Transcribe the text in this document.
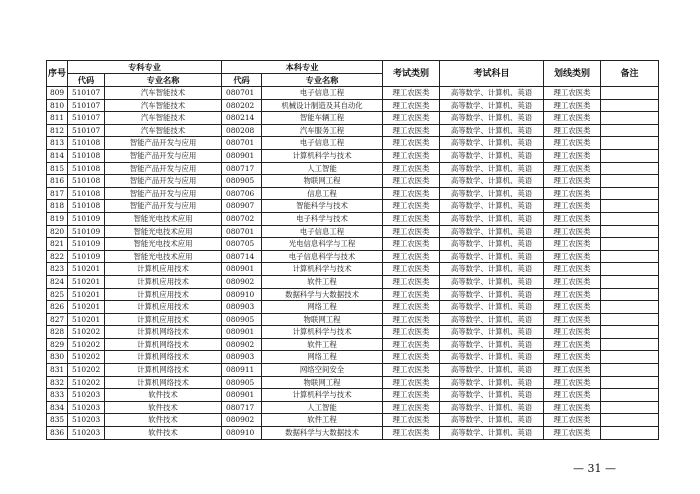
序号	专科专业		本科专业		考试类别	考试科目	划线类别	备注
	代码	专业名称	代码	专业名称				
809	510107	汽车智能技术	080701	电子信息工程	理工农医类	高等数学、计算机、英语	理工农医类	
810	510107	汽车智能技术	080202	机械设计制造及其自动化	理工农医类	高等数学、计算机、英语	理工农医类	
811	510107	汽车智能技术	080214	智能车辆工程	理工农医类	高等数学、计算机、英语	理工农医类	
812	510107	汽车智能技术	080208	汽车服务工程	理工农医类	高等数学、计算机、英语	理工农医类	
813	510108	智能产品开发与应用	080701	电子信息工程	理工农医类	高等数学、计算机、英语	理工农医类	
814	510108	智能产品开发与应用	080901	计算机科学与技术	理工农医类	高等数学、计算机、英语	理工农医类	
815	510108	智能产品开发与应用	080717	人工智能	理工农医类	高等数学、计算机、英语	理工农医类	
816	510108	智能产品开发与应用	080905	物联网工程	理工农医类	高等数学、计算机、英语	理工农医类	
817	510108	智能产品开发与应用	080706	信息工程	理工农医类	高等数学、计算机、英语	理工农医类	
818	510108	智能产品开发与应用	080907	智能科学与技术	理工农医类	高等数学、计算机、英语	理工农医类	
819	510109	智能光电技术应用	080702	电子科学与技术	理工农医类	高等数学、计算机、英语	理工农医类	
820	510109	智能光电技术应用	080701	电子信息工程	理工农医类	高等数学、计算机、英语	理工农医类	
821	510109	智能光电技术应用	080705	光电信息科学与工程	理工农医类	高等数学、计算机、英语	理工农医类	
822	510109	智能光电技术应用	080714	电子信息科学与技术	理工农医类	高等数学、计算机、英语	理工农医类	
823	510201	计算机应用技术	080901	计算机科学与技术	理工农医类	高等数学、计算机、英语	理工农医类	
824	510201	计算机应用技术	080902	软件工程	理工农医类	高等数学、计算机、英语	理工农医类	
825	510201	计算机应用技术	080910	数据科学与大数据技术	理工农医类	高等数学、计算机、英语	理工农医类	
826	510201	计算机应用技术	080903	网络工程	理工农医类	高等数学、计算机、英语	理工农医类	
827	510201	计算机应用技术	080905	物联网工程	理工农医类	高等数学、计算机、英语	理工农医类	
828	510202	计算机网络技术	080901	计算机科学与技术	理工农医类	高等数学、计算机、英语	理工农医类	
829	510202	计算机网络技术	080902	软件工程	理工农医类	高等数学、计算机、英语	理工农医类	
830	510202	计算机网络技术	080903	网络工程	理工农医类	高等数学、计算机、英语	理工农医类	
831	510202	计算机网络技术	080911	网络空间安全	理工农医类	高等数学、计算机、英语	理工农医类	
832	510202	计算机网络技术	080905	物联网工程	理工农医类	高等数学、计算机、英语	理工农医类	
833	510203	软件技术	080901	计算机科学与技术	理工农医类	高等数学、计算机、英语	理工农医类	
834	510203	软件技术	080717	人工智能	理工农医类	高等数学、计算机、英语	理工农医类	
835	510203	软件技术	080902	软件工程	理工农医类	高等数学、计算机、英语	理工农医类	
836	510203	软件技术	080910	数据科学与大数据技术	理工农医类	高等数学、计算机、英语	理工农医类	
— 31 —
